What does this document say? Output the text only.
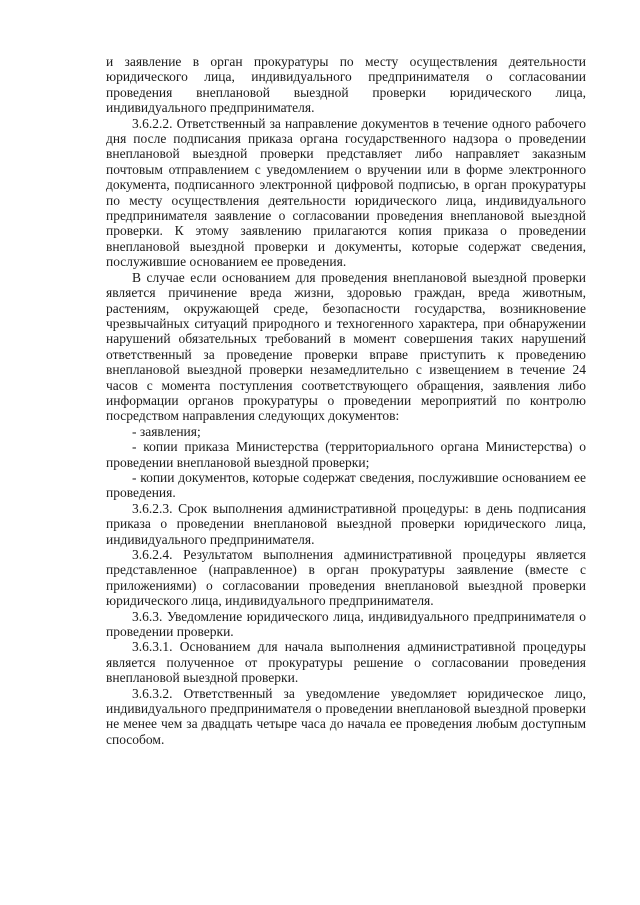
и заявление в орган прокуратуры по месту осуществления деятельности юридического лица, индивидуального предпринимателя о согласовании проведения внеплановой выездной проверки юридического лица, индивидуального предпринимателя.

3.6.2.2. Ответственный за направление документов в течение одного рабочего дня после подписания приказа органа государственного надзора о проведении внеплановой выездной проверки представляет либо направляет заказным почтовым отправлением с уведомлением о вручении или в форме электронного документа, подписанного электронной цифровой подписью, в орган прокуратуры по месту осуществления деятельности юридического лица, индивидуального предпринимателя заявление о согласовании проведения внеплановой выездной проверки. К этому заявлению прилагаются копия приказа о проведении внеплановой выездной проверки и документы, которые содержат сведения, послужившие основанием ее проведения.

В случае если основанием для проведения внеплановой выездной проверки является причинение вреда жизни, здоровью граждан, вреда животным, растениям, окружающей среде, безопасности государства, возникновение чрезвычайных ситуаций природного и техногенного характера, при обнаружении нарушений обязательных требований в момент совершения таких нарушений ответственный за проведение проверки вправе приступить к проведению внеплановой выездной проверки незамедлительно с извещением в течение 24 часов с момента поступления соответствующего обращения, заявления либо информации органов прокуратуры о проведении мероприятий по контролю посредством направления следующих документов:

- заявления;

- копии приказа Министерства (территориального органа Министерства) о проведении внеплановой выездной проверки;

- копии документов, которые содержат сведения, послужившие основанием ее проведения.

3.6.2.3. Срок выполнения административной процедуры: в день подписания приказа о проведении внеплановой выездной проверки юридического лица, индивидуального предпринимателя.

3.6.2.4. Результатом выполнения административной процедуры является представленное (направленное) в орган прокуратуры заявление (вместе с приложениями) о согласовании проведения внеплановой выездной проверки юридического лица, индивидуального предпринимателя.

3.6.3. Уведомление юридического лица, индивидуального предпринимателя о проведении проверки.

3.6.3.1. Основанием для начала выполнения административной процедуры является полученное от прокуратуры решение о согласовании проведения внеплановой выездной проверки.

3.6.3.2. Ответственный за уведомление уведомляет юридическое лицо, индивидуального предпринимателя о проведении внеплановой выездной проверки не менее чем за двадцать четыре часа до начала ее проведения любым доступным способом.
